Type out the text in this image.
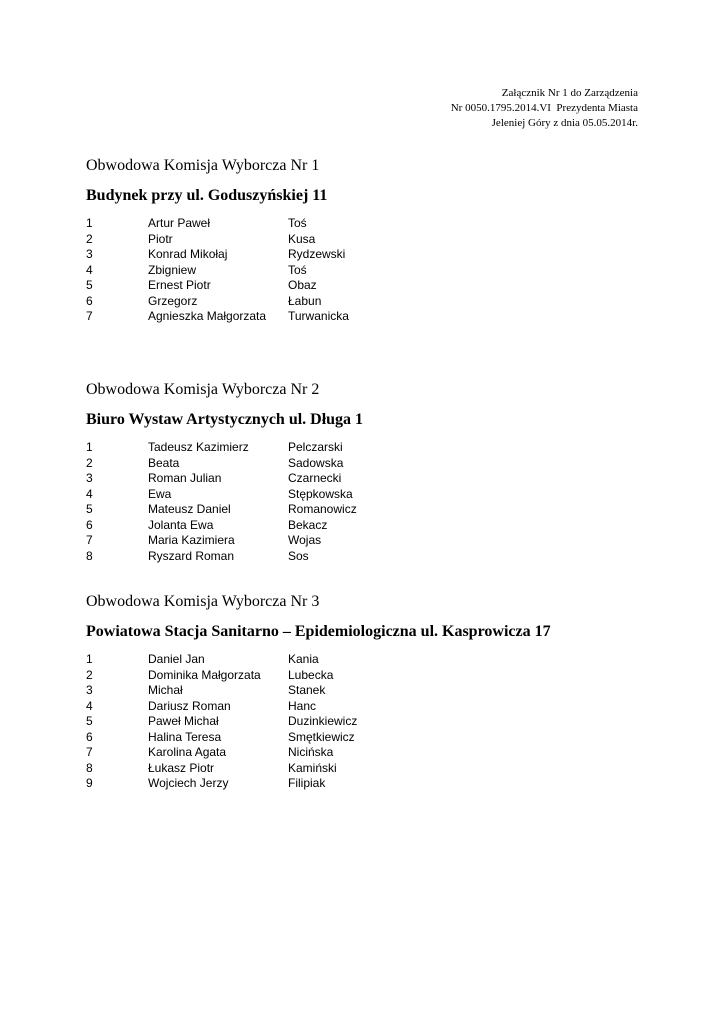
Załącznik Nr 1 do Zarządzenia
Nr 0050.1795.2014.VI  Prezydenta Miasta
Jeleniej Góry z dnia 05.05.2014r.
Obwodowa Komisja Wyborcza Nr 1
Budynek przy ul. Goduszyńskiej 11
1	Artur Paweł	Toś
2	Piotr	Kusa
3	Konrad Mikołaj	Rydzewski
4	Zbigniew	Toś
5	Ernest Piotr	Obaz
6	Grzegorz	Łabun
7	Agnieszka Małgorzata	Turwanicka
Obwodowa Komisja Wyborcza Nr 2
Biuro Wystaw Artystycznych ul. Długa 1
1	Tadeusz Kazimierz	Pelczarski
2	Beata	Sadowska
3	Roman Julian	Czarnecki
4	Ewa	Stępkowska
5	Mateusz Daniel	Romanowicz
6	Jolanta Ewa	Bekacz
7	Maria Kazimiera	Wojas
8	Ryszard Roman	Sos
Obwodowa Komisja Wyborcza Nr 3
Powiatowa Stacja Sanitarno – Epidemiologiczna ul. Kasprowicza 17
1	Daniel Jan	Kania
2	Dominika Małgorzata	Lubecka
3	Michał	Stanek
4	Dariusz Roman	Hanc
5	Paweł Michał	Duzinkiewicz
6	Halina Teresa	Smętkiewicz
7	Karolina Agata	Nicińska
8	Łukasz Piotr	Kamiński
9	Wojciech Jerzy	Filipiak
